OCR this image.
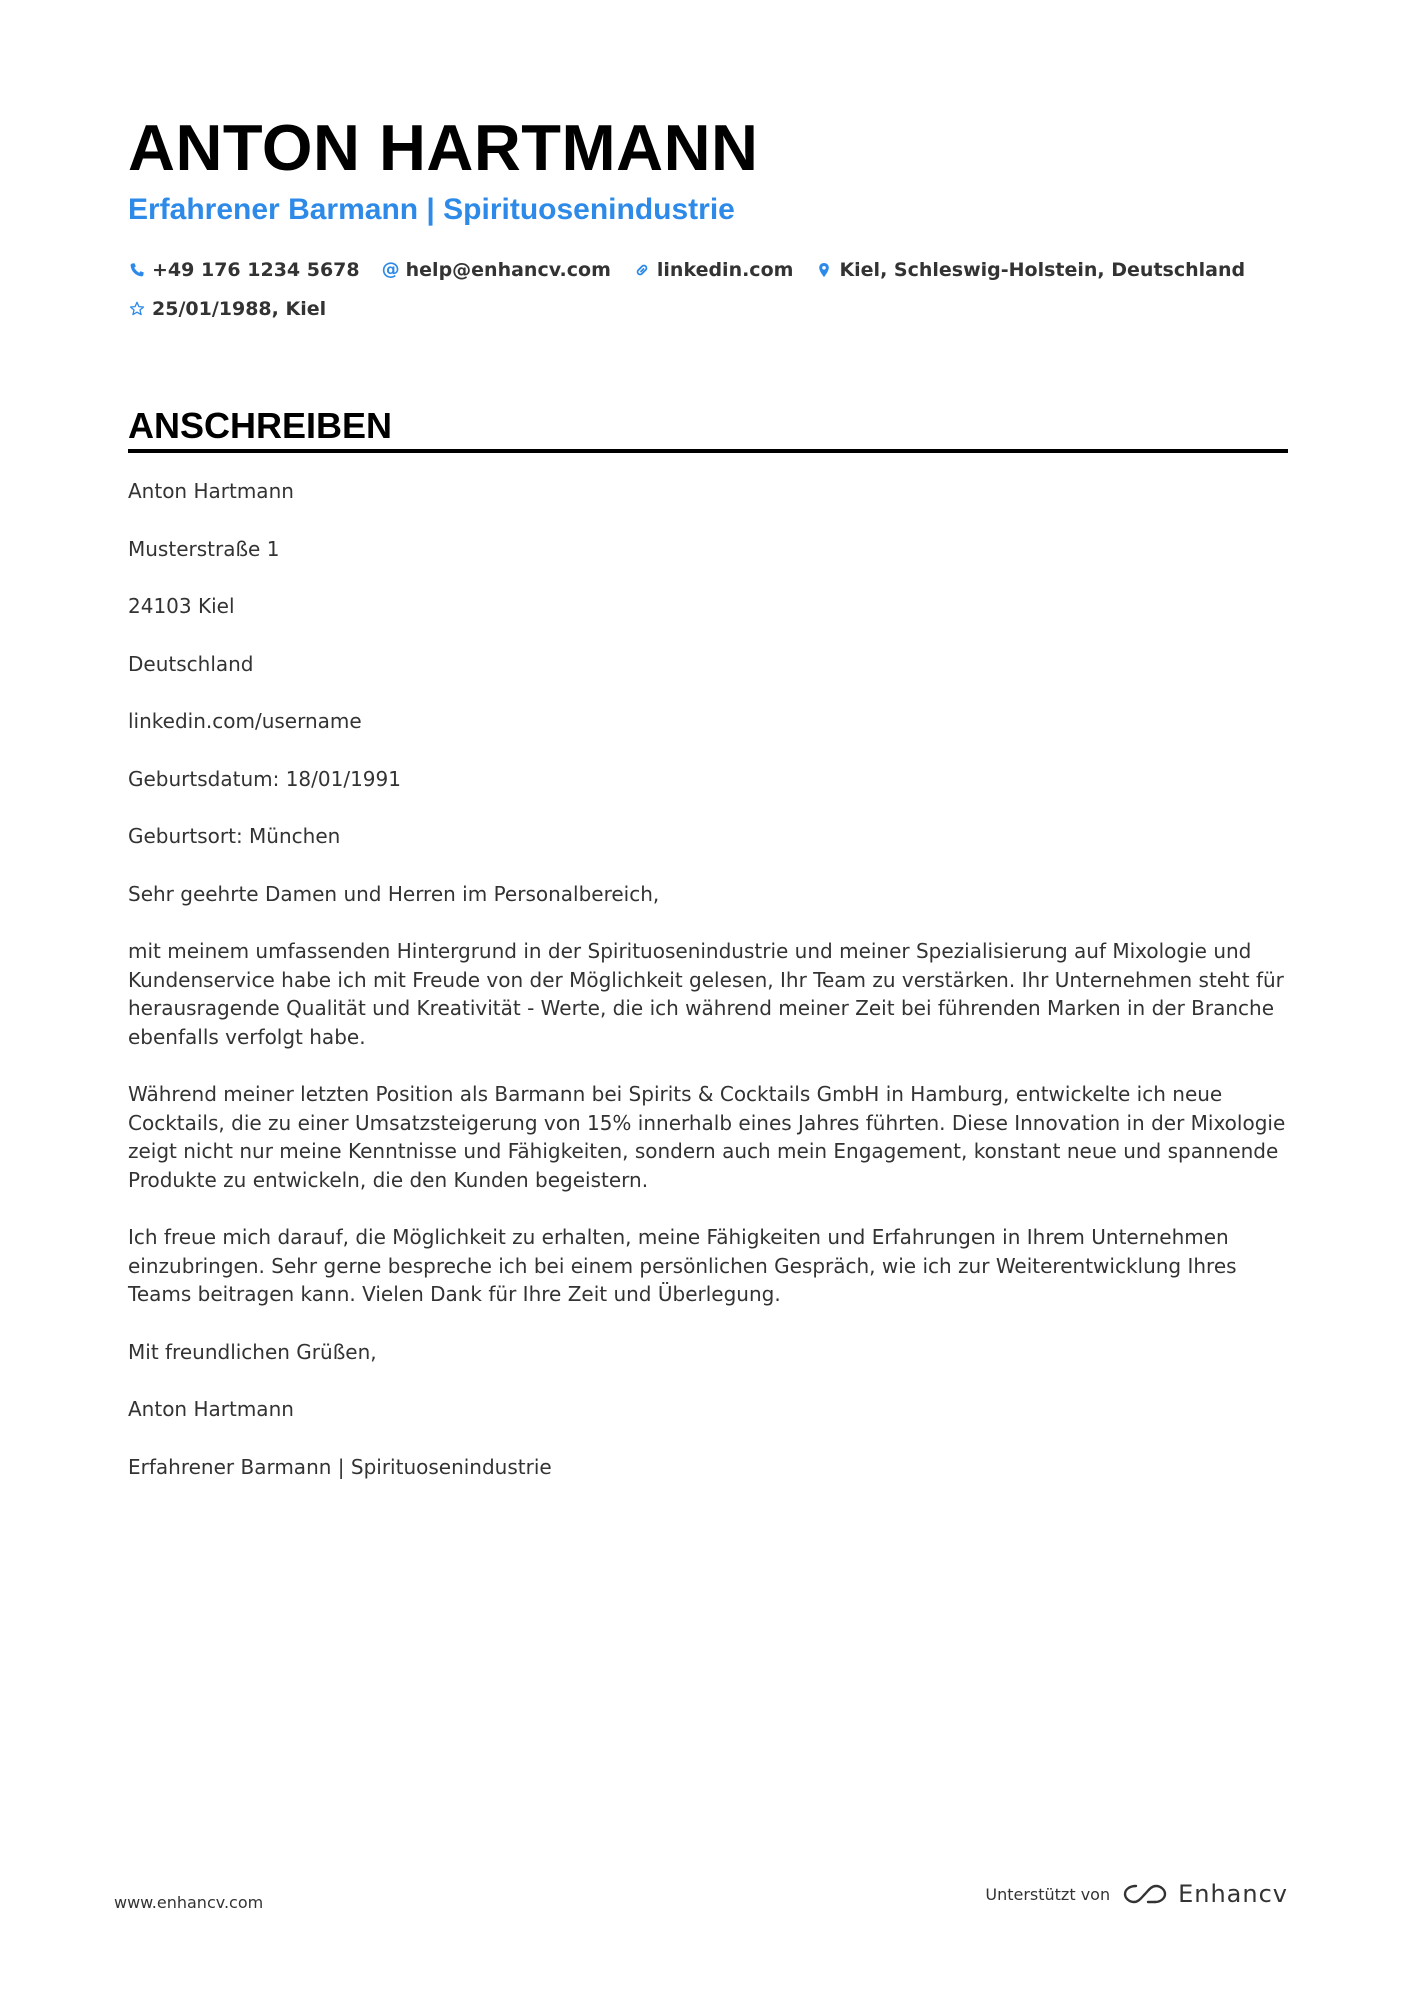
ANTON HARTMANN
Erfahrener Barmann | Spirituosenindustrie
+49 176 1234 5678 @ help@enhancv.com linkedin.com Kiel, Schleswig-Holstein, Deutschland
25/01/1988, Kiel
ANSCHREIBEN

Anton Hartmann

Musterstraße 1

24103 Kiel

Deutschland

linkedin.com/username

Geburtsdatum: 18/01/1991

Geburtsort: München

Sehr geehrte Damen und Herren im Personalbereich,

mit meinem umfassenden Hintergrund in der Spirituosenindustrie und meiner Spezialisierung auf Mixologie und Kundenservice habe ich mit Freude von der Möglichkeit gelesen, Ihr Team zu verstärken. Ihr Unternehmen steht für herausragende Qualität und Kreativität - Werte, die ich während meiner Zeit bei führenden Marken in der Branche ebenfalls verfolgt habe.

Während meiner letzten Position als Barmann bei Spirits & Cocktails GmbH in Hamburg, entwickelte ich neue Cocktails, die zu einer Umsatzsteigerung von 15% innerhalb eines Jahres führten. Diese Innovation in der Mixologie zeigt nicht nur meine Kenntnisse und Fähigkeiten, sondern auch mein Engagement, konstant neue und spannende Produkte zu entwickeln, die den Kunden begeistern.

Ich freue mich darauf, die Möglichkeit zu erhalten, meine Fähigkeiten und Erfahrungen in Ihrem Unternehmen einzubringen. Sehr gerne bespreche ich bei einem persönlichen Gespräch, wie ich zur Weiterentwicklung Ihres Teams beitragen kann. Vielen Dank für Ihre Zeit und Überlegung.

Mit freundlichen Grüßen,

Anton Hartmann

Erfahrener Barmann | Spirituosenindustrie

www.enhancv.com	Unterstützt von	Enhancv
